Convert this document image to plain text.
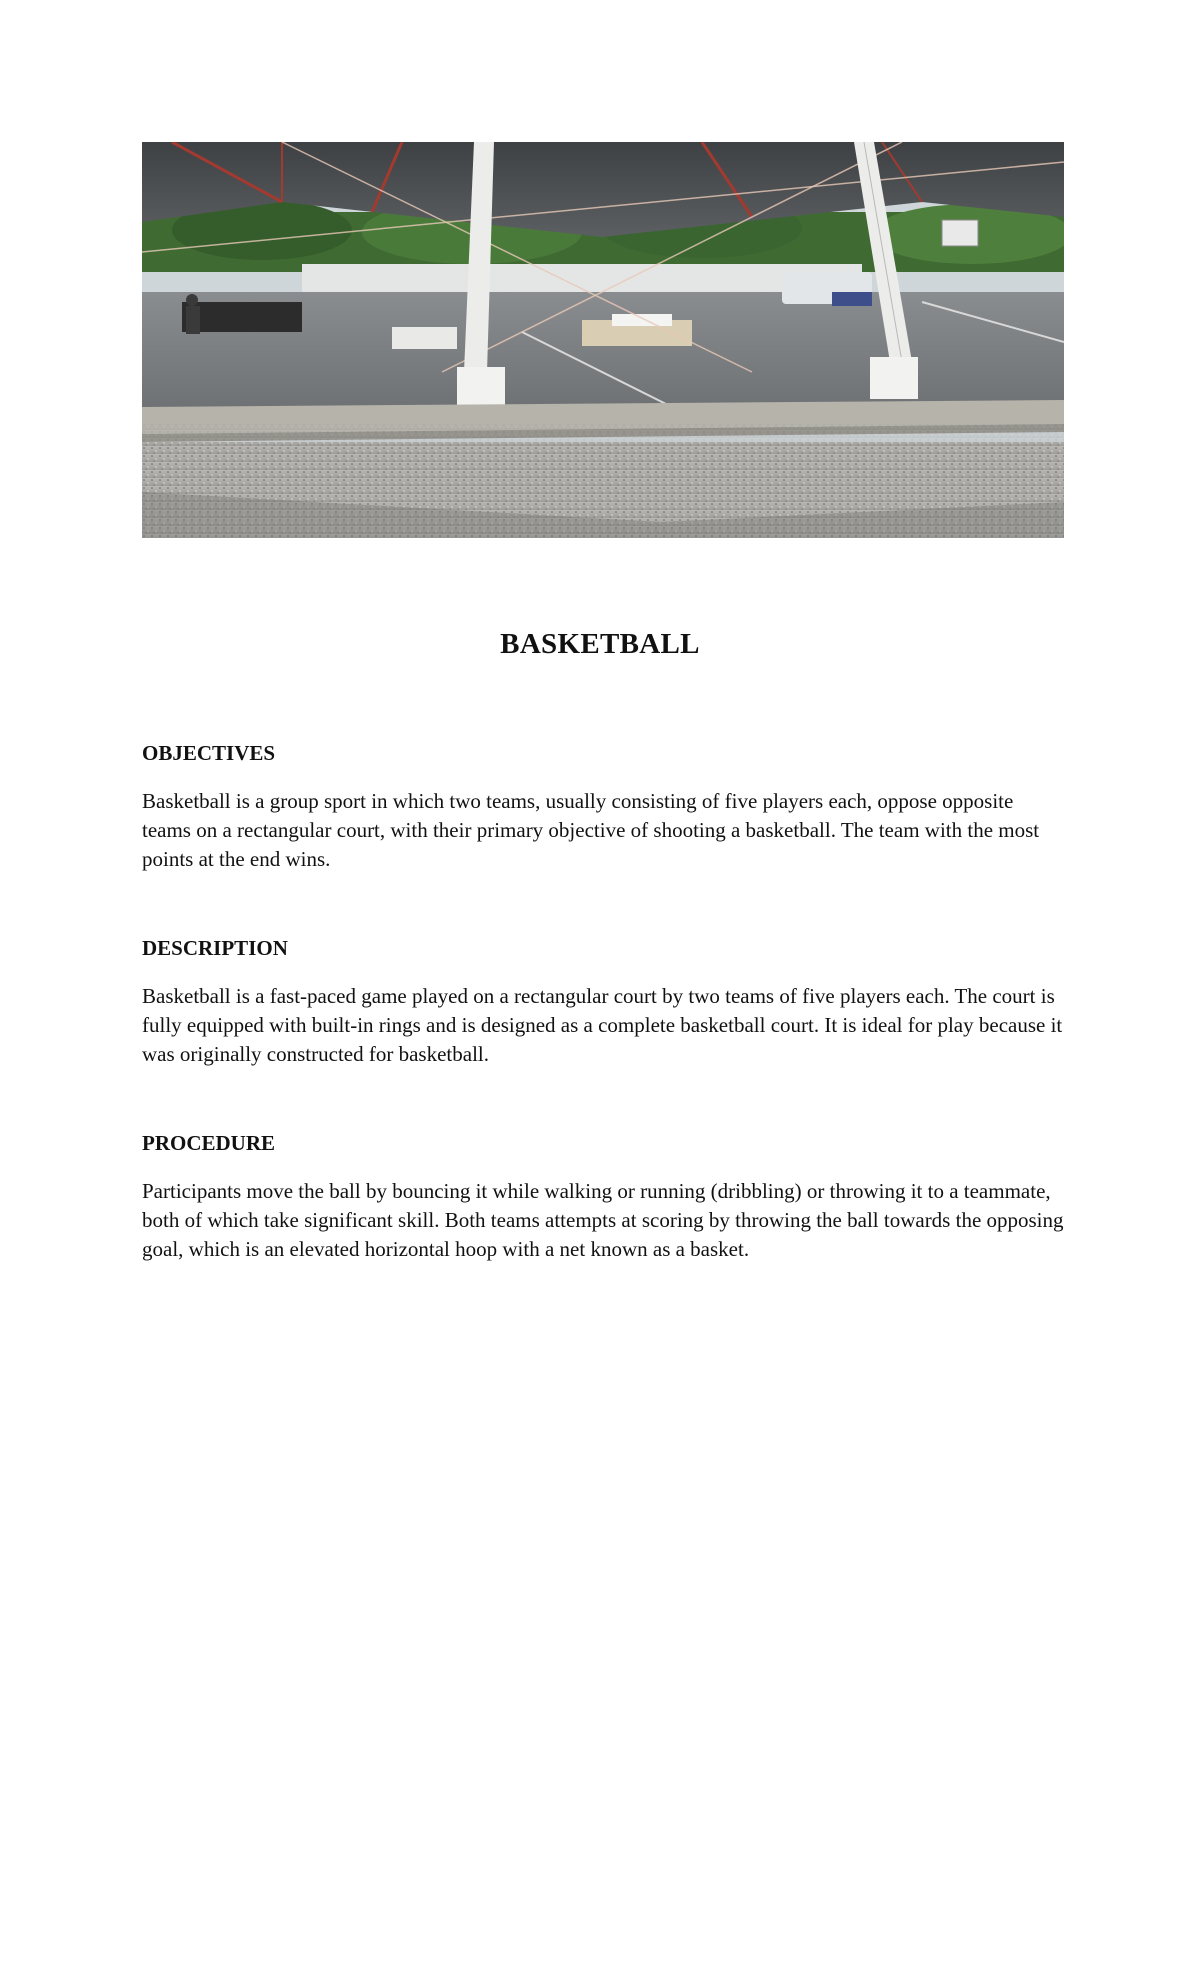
BASKETBALL
OBJECTIVES

Basketball is a group sport in which two teams, usually consisting of five players each, oppose opposite teams on a rectangular court, with their primary objective of shooting a basketball. The team with the most points at the end wins.

DESCRIPTION

Basketball is a fast-paced game played on a rectangular court by two teams of five players each. The court is fully equipped with built-in rings and is designed as a complete basketball court. It is ideal for play because it was originally constructed for basketball.

PROCEDURE

Participants move the ball by bouncing it while walking or running (dribbling) or throwing it to a teammate, both of which take significant skill. Both teams attempts at scoring by throwing the ball towards the opposing goal, which is an elevated horizontal hoop with a net known as a basket.
